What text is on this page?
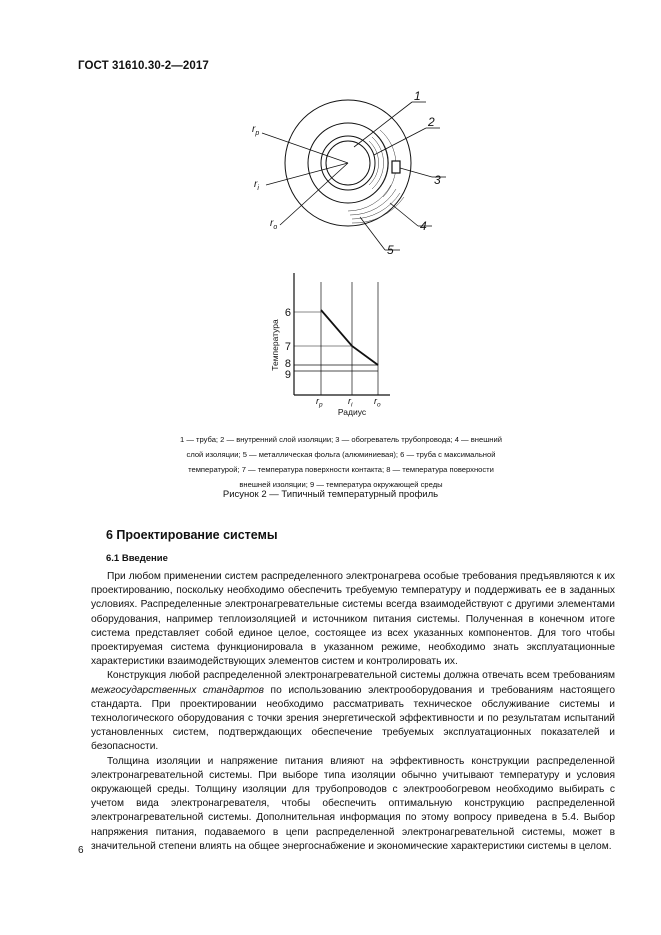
ГОСТ 31610.30-2—2017
$r_p$
$r_i$
$r_o$
1
2
3
4
5
Температура
6
7
8
9
$r_p$	$r_i$ $r_o$
Радиус
1 — труба; 2 — внутренний слой изоляции; 3 — обогреватель трубопровода; 4 — внешний
слой изоляции; 5 — металлическая фольга (алюминиевая); 6 — труба с максимальной
температурой; 7 — температура поверхности контакта; 8 — температура поверхности
внешней изоляции; 9 — температура окружающей среды
Рисунок 2 — Типичный температурный профиль
6 Проектирование системы
6.1 Введение

При любом применении систем распределенного электронагрева особые требования предъявляются к их проектированию, поскольку необходимо обеспечить требуемую температуру и поддерживать ее в заданных условиях. Распределенные электронагревательные системы всегда взаимодействуют с другими элементами оборудования, например теплоизоляцией и источником питания системы. Полученная в конечном итоге система представляет собой единое целое, состоящее из всех указанных компонентов. Для того чтобы проектируемая система функционировала в указанном режиме, необходимо знать эксплуатационные характеристики взаимодействующих элементов систем и контролировать их.

Конструкция любой распределенной электронагревательной системы должна отвечать всем требованиям межгосударственных стандартов по использованию электрооборудования и требованиям настоящего стандарта. При проектировании необходимо рассматривать техническое обслуживание системы и технологического оборудования с точки зрения энергетической эффективности и по результатам испытаний установленных систем, подтверждающих обеспечение требуемых эксплуатационных показателей и безопасности.

Толщина изоляции и напряжение питания влияют на эффективность конструкции распределенной электронагревательной системы. При выборе типа изоляции обычно учитывают температуру и условия окружающей среды. Толщину изоляции для трубопроводов с электрообогревом необходимо выбирать с учетом вида электронагревателя, чтобы обеспечить оптимальную конструкцию распределенной электронагревательной системы. Дополнительная информация по этому вопросу приведена в 5.4. Выбор напряжения питания, подаваемого в цепи распределенной электронагревательной системы, может в значительной степени влиять на общее энергоснабжение и экономические характеристики системы в целом.

6
